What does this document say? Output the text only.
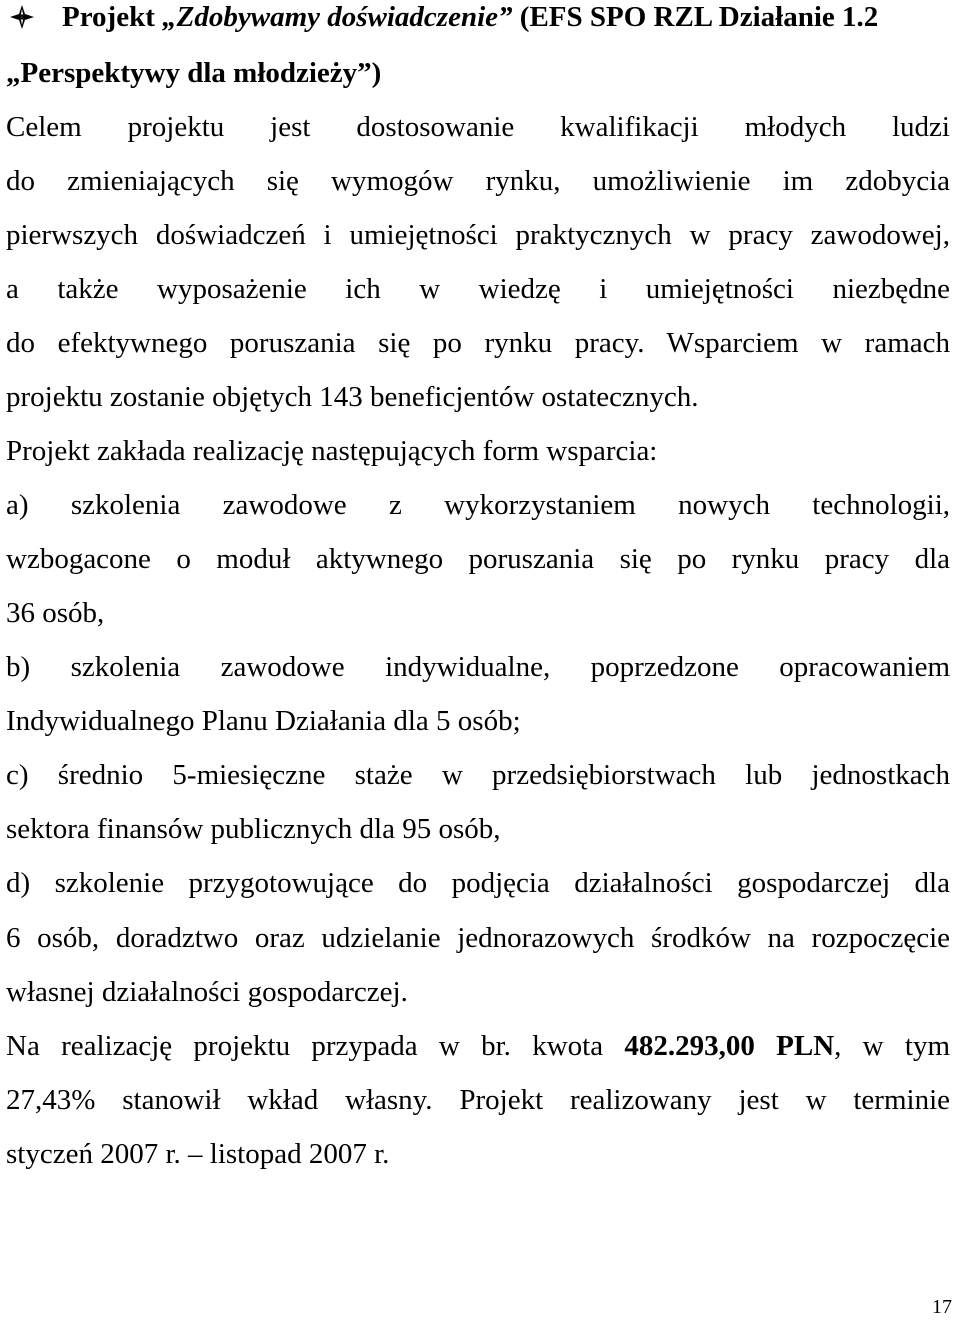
Projekt „Zdobywamy doświadczenie” (EFS SPO RZL Działanie 1.2
„Perspektywy dla młodzieży”)
Celem projektu jest dostosowanie kwalifikacji młodych ludzi
do zmieniających się wymogów rynku, umożliwienie im zdobycia
pierwszych doświadczeń i umiejętności praktycznych w pracy zawodowej,
a także wyposażenie ich w wiedzę i umiejętności niezbędne
do efektywnego poruszania się po rynku pracy. Wsparciem w ramach
projektu zostanie objętych 143 beneficjentów ostatecznych.
Projekt zakłada realizację następujących form wsparcia:
a) szkolenia zawodowe z wykorzystaniem nowych technologii,
wzbogacone o moduł aktywnego poruszania się po rynku pracy dla
36 osób,
b) szkolenia zawodowe indywidualne, poprzedzone opracowaniem
Indywidualnego Planu Działania dla 5 osób;
c) średnio 5-miesięczne staże w przedsiębiorstwach lub jednostkach
sektora finansów publicznych dla 95 osób,
d) szkolenie przygotowujące do podjęcia działalności gospodarczej dla
6 osób, doradztwo oraz udzielanie jednorazowych środków na rozpoczęcie
własnej działalności gospodarczej.
Na realizację projektu przypada w br. kwota 482.293,00 PLN, w tym
27,43% stanowił wkład własny. Projekt realizowany jest w terminie
styczeń 2007 r. – listopad 2007 r.
17
